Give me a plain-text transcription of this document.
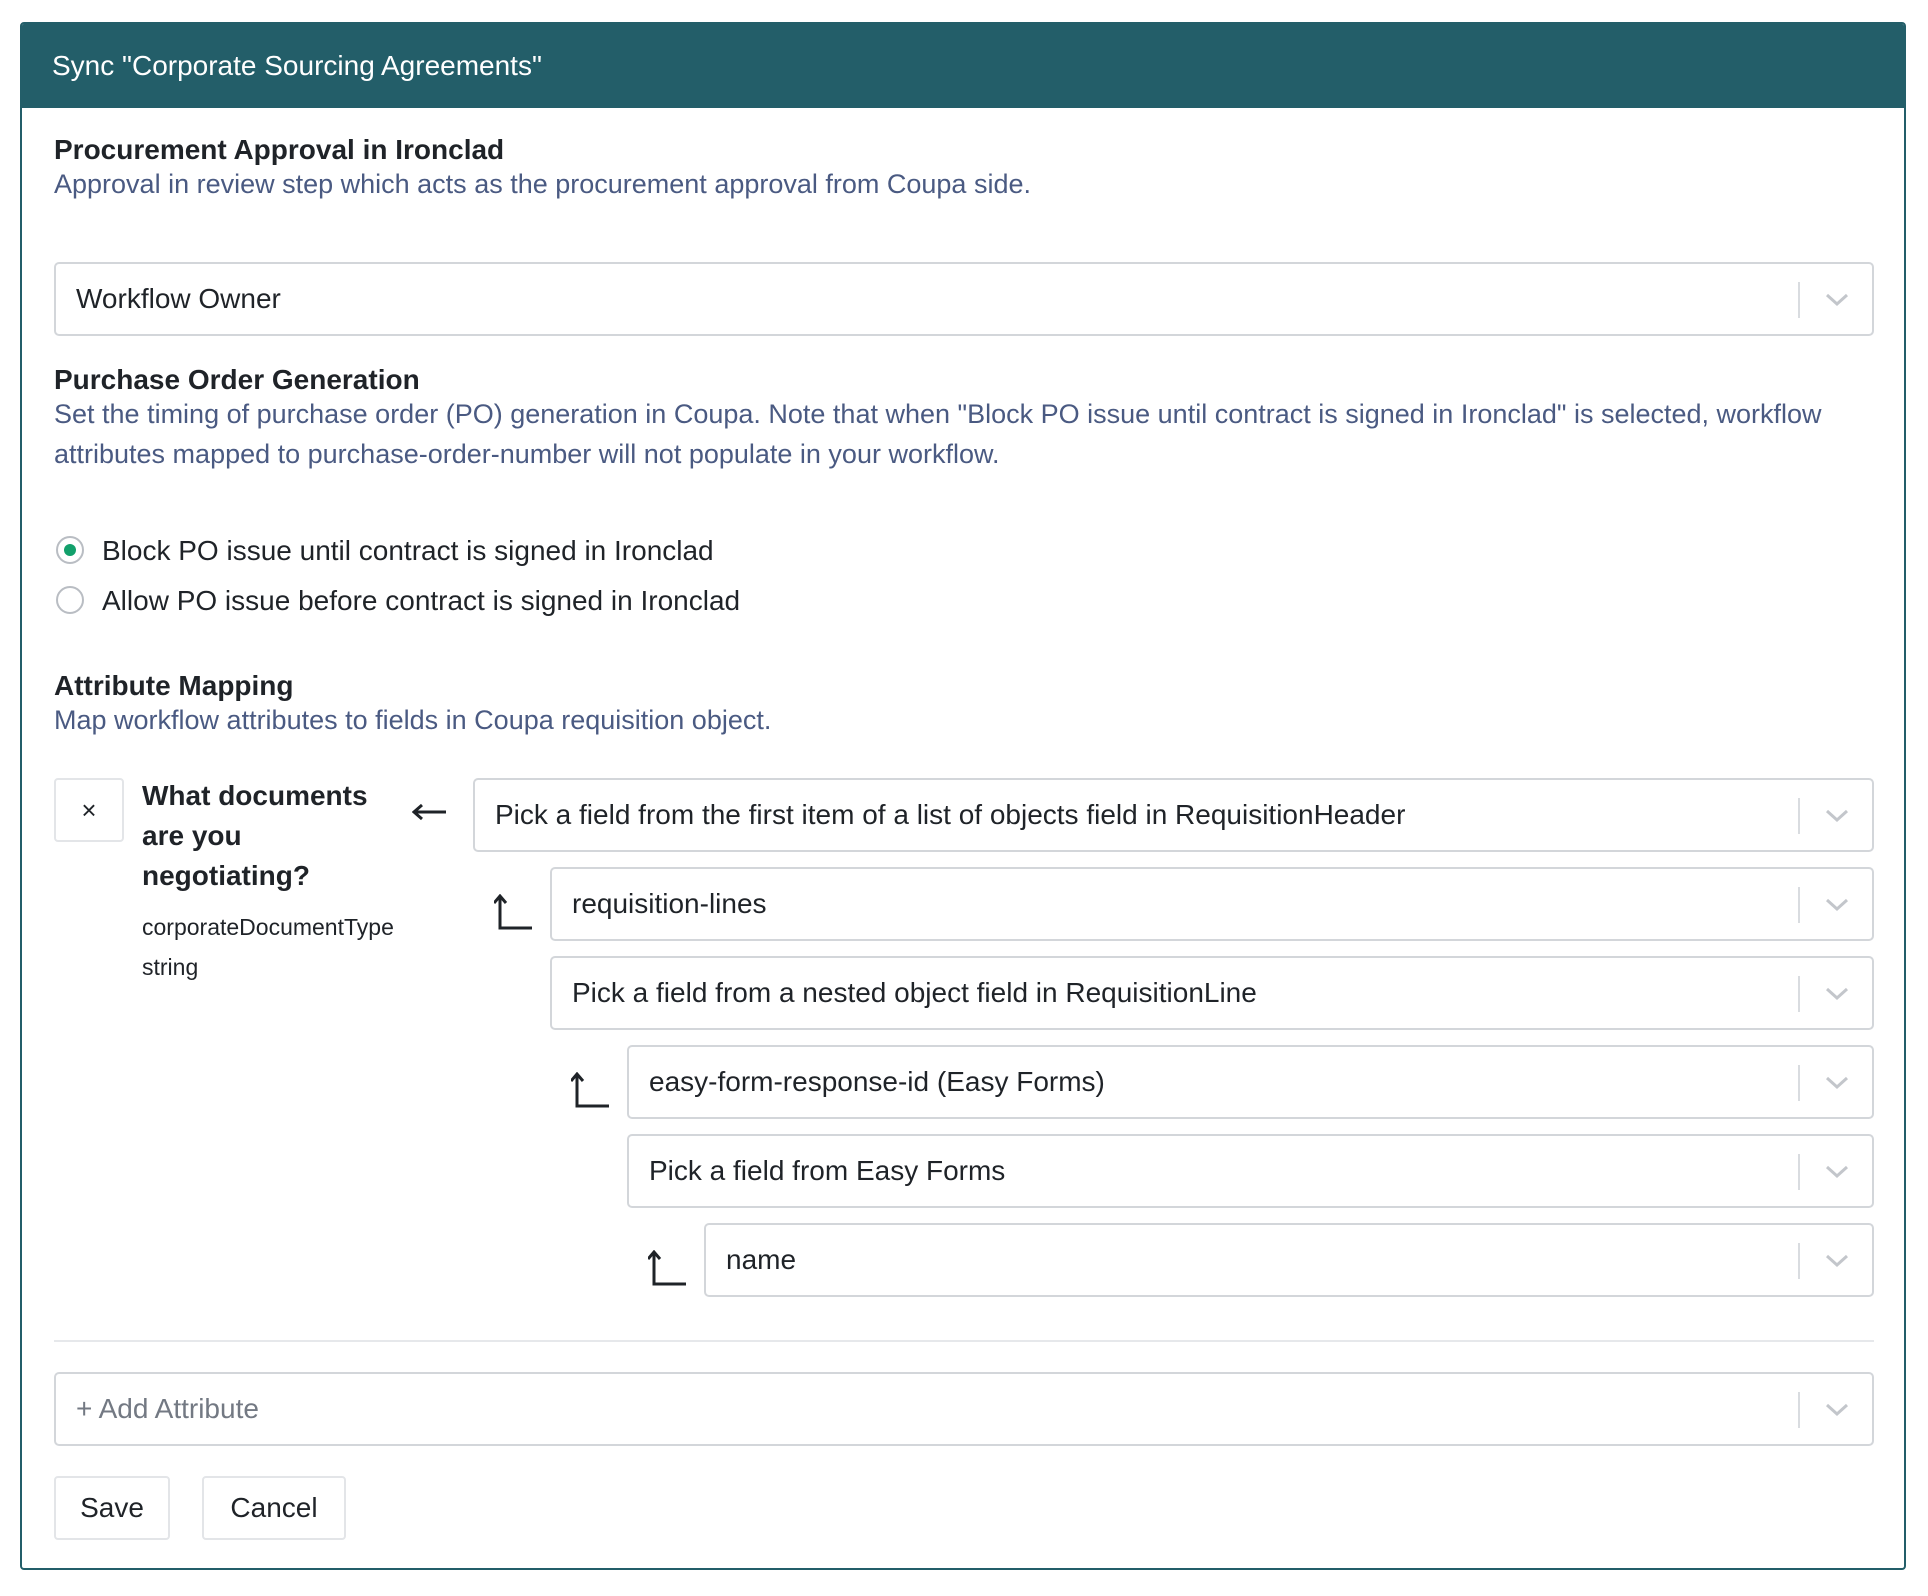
Sync "Corporate Sourcing Agreements"
Procurement Approval in Ironclad
Approval in review step which acts as the procurement approval from Coupa side.
Workflow Owner
Purchase Order Generation
Set the timing of purchase order (PO) generation in Coupa. Note that when "Block PO issue until contract is signed in Ironclad" is selected, workflow attributes mapped to purchase-order-number will not populate in your workflow.
Block PO issue until contract is signed in Ironclad
Allow PO issue before contract is signed in Ironclad
Attribute Mapping
Map workflow attributes to fields in Coupa requisition object.
×	What documents are you negotiating?
corporateDocumentType
string
Pick a field from the first item of a list of objects field in RequisitionHeader
requisition-lines
Pick a field from a nested object field in RequisitionLine
easy-form-response-id (Easy Forms)
Pick a field from Easy Forms
name
+ Add Attribute
Save	Cancel
